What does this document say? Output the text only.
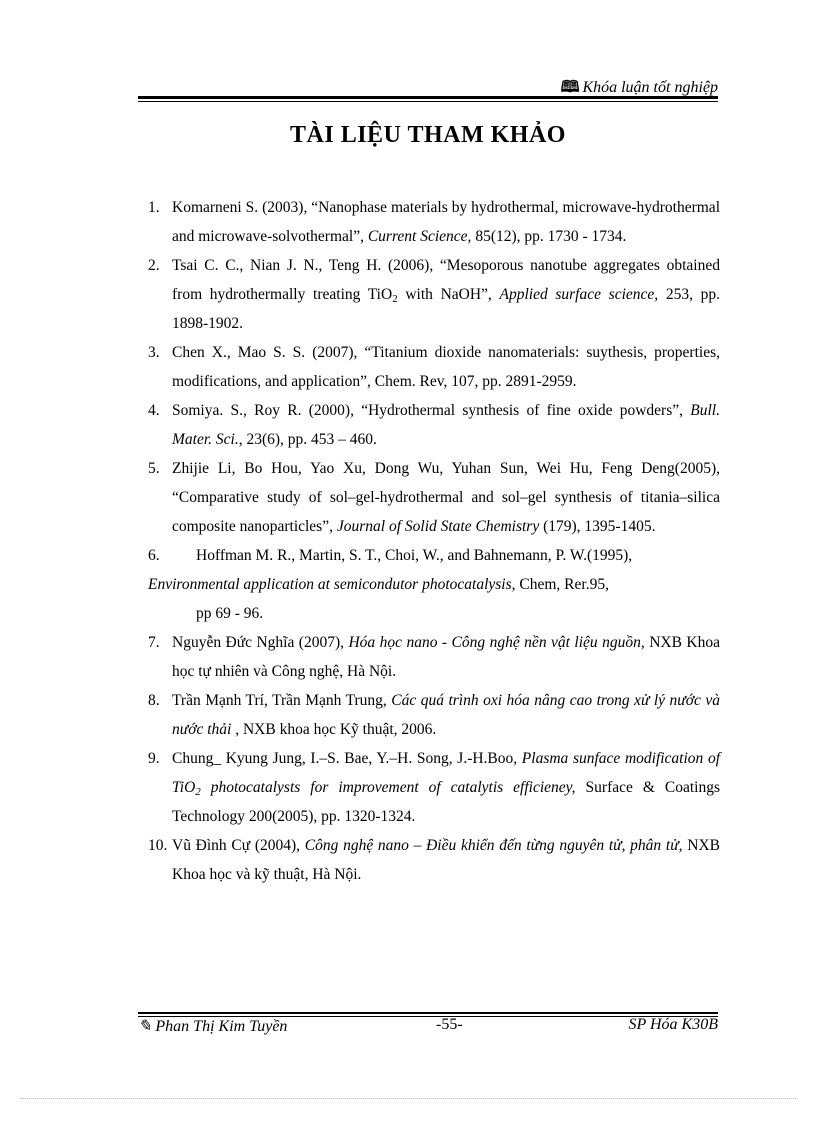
🕮 Khóa luận tốt nghiệp
TÀI LIỆU THAM KHẢO
1. Komarneni S. (2003), “Nanophase materials by hydrothermal, microwave-hydrothermal and microwave-solvothermal”, Current Science, 85(12), pp. 1730 - 1734.
2. Tsai C. C., Nian J. N., Teng H. (2006), “Mesoporous nanotube aggregates obtained from hydrothermally treating TiO$_2$ with NaOH”, Applied surface science, 253, pp. 1898-1902.
3. Chen X., Mao S. S. (2007), “Titanium dioxide nanomaterials: suythesis, properties, modifications, and application”, Chem. Rev, 107, pp. 2891-2959.
4. Somiya. S., Roy R. (2000), “Hydrothermal synthesis of fine oxide powders”, Bull. Mater. Sci., 23(6), pp. 453 – 460.
5. Zhijie Li, Bo Hou, Yao Xu, Dong Wu, Yuhan Sun, Wei Hu, Feng Deng(2005), “Comparative study of sol–gel-hydrothermal and sol–gel synthesis of titania–silica composite nanoparticles”, Journal of Solid State Chemistry (179), 1395-1405.
6.	Hoffman M. R., Martin, S. T., Choi, W., and Bahnemann, P. W.(1995),
Environmental application at semicondutor photocatalysis, Chem, Rer.95,
pp 69 - 96.
7. Nguyễn Đức Nghĩa (2007), Hóa học nano - Công nghệ nền vật liệu nguồn, NXB Khoa học tự nhiên và Công nghệ, Hà Nội.
8. Trần Mạnh Trí, Trần Mạnh Trung, Các quá trình oxi hóa nâng cao trong xử lý nước và nước thải , NXB khoa học Kỹ thuật, 2006.
9. Chung_ Kyung Jung, I.–S. Bae, Y.–H. Song, J.-H.Boo, Plasma sunface modification of TiO$_2$ photocatalysts for improvement of catalytis efficieney, Surface & Coatings Technology 200(2005), pp. 1320-1324.
10. Vũ Đình Cự (2004), Công nghệ nano – Điều khiển đến từng nguyên tử, phân tử, NXB Khoa học và kỹ thuật, Hà Nội.
✎ Phan Thị Kim Tuyền	-55-	SP Hóa K30B
